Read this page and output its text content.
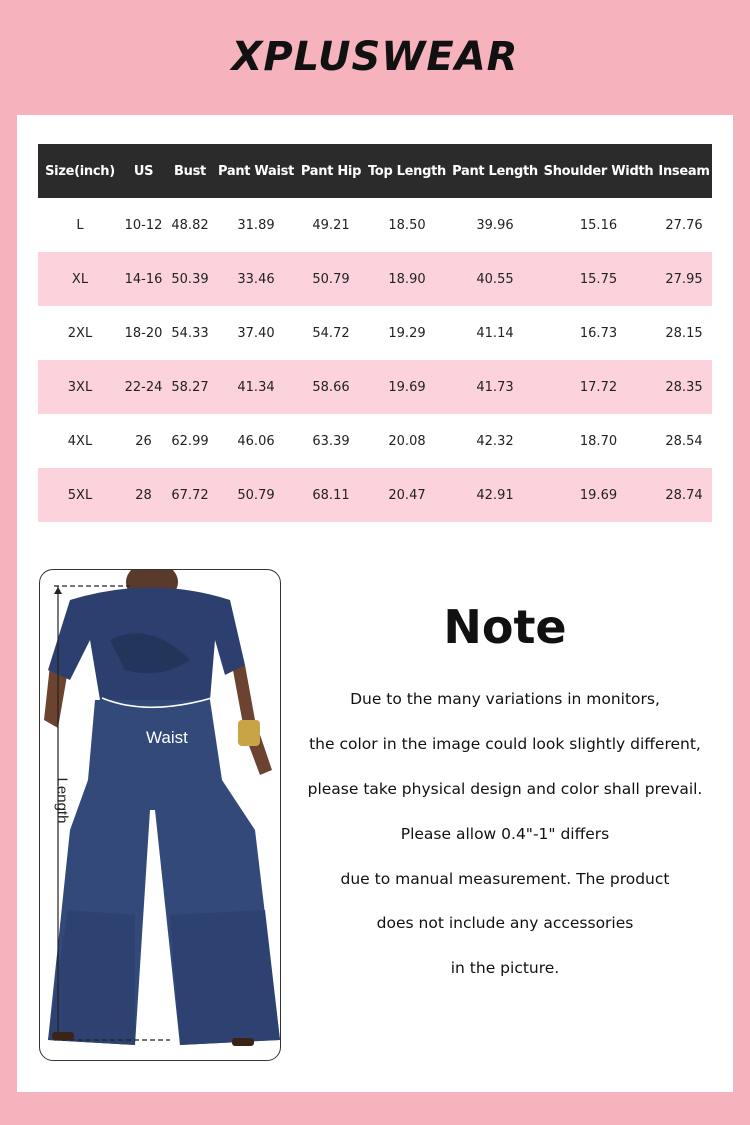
XPLUSWEAR
Size(inch)	US	Bust	Pant Waist	Pant Hip	Top Length	Pant Length	Shoulder Width	Inseam
L	10-12	48.82	31.89	49.21	18.50	39.96	15.16	27.76
XL	14-16	50.39	33.46	50.79	18.90	40.55	15.75	27.95
2XL	18-20	54.33	37.40	54.72	19.29	41.14	16.73	28.15
3XL	22-24	58.27	41.34	58.66	19.69	41.73	17.72	28.35
4XL	26	62.99	46.06	63.39	20.08	42.32	18.70	28.54
5XL	28	67.72	50.79	68.11	20.47	42.91	19.69	28.74
Waist
Length
Note
Due to the many variations in monitors,
the color in the image could look slightly different,
please take physical design and color shall prevail.
Please allow 0.4"-1" differs
due to manual measurement. The product
does not include any accessories
in the picture.
